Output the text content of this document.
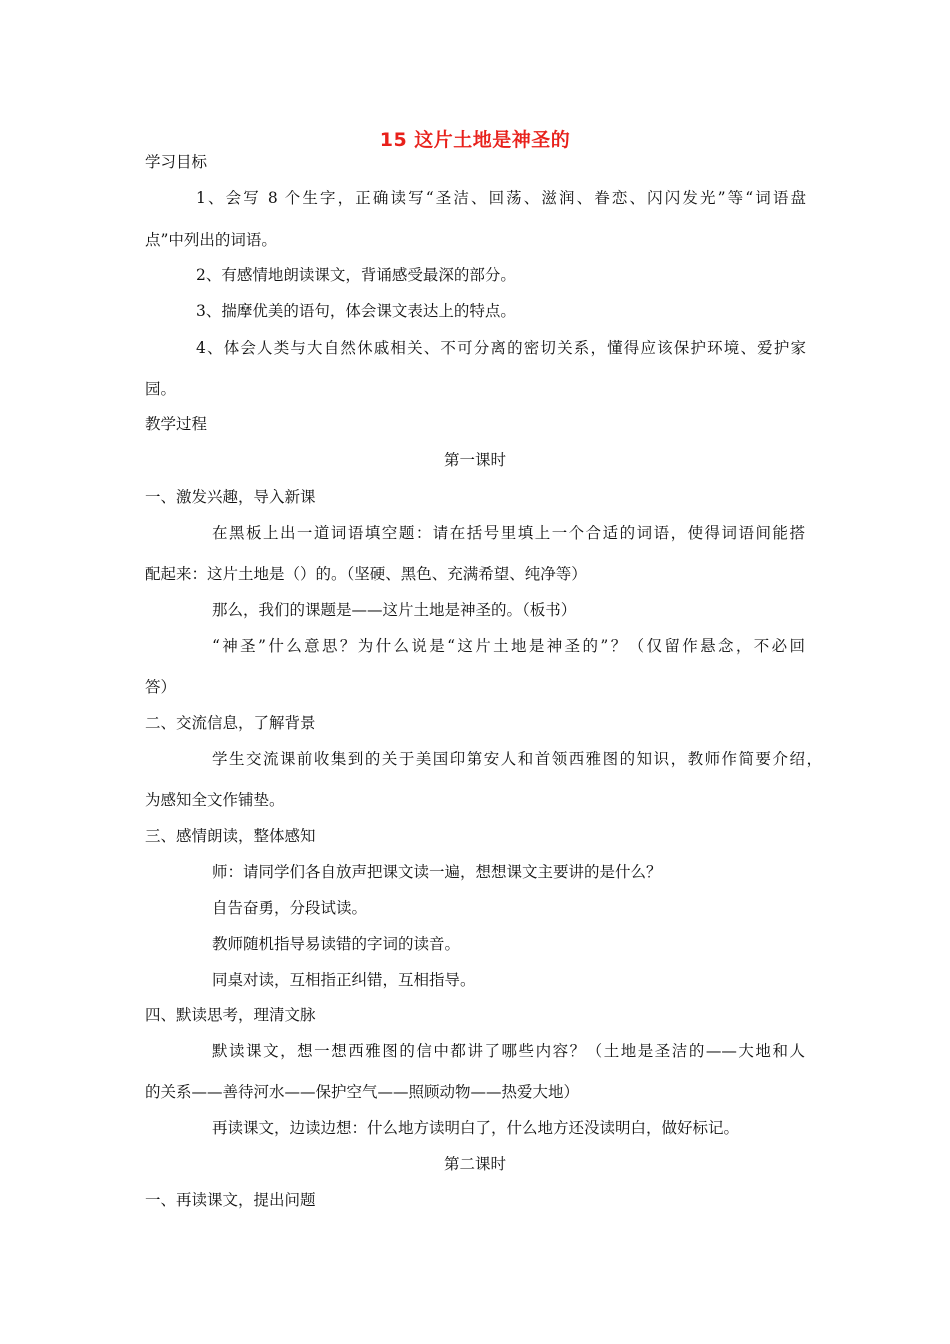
15 这片土地是神圣的
学习目标
1、会写 8 个生字，正确读写“圣洁、回荡、滋润、眷恋、闪闪发光”等“词语盘
点”中列出的词语。
2、有感情地朗读课文，背诵感受最深的部分。
3、揣摩优美的语句，体会课文表达上的特点。
4、体会人类与大自然休戚相关、不可分离的密切关系，懂得应该保护环境、爱护家
园。
教学过程
第一课时
一、激发兴趣，导入新课
在黑板上出一道词语填空题：请在括号里填上一个合适的词语，使得词语间能搭
配起来：这片土地是（）的。（坚硬、黑色、充满希望、纯净等）
那么，我们的课题是——这片土地是神圣的。（板书）
“神圣”什么意思？为什么说是“这片土地是神圣的”？（仅留作悬念，不必回
答）
二、交流信息，了解背景
学生交流课前收集到的关于美国印第安人和首领西雅图的知识，教师作简要介绍，
为感知全文作铺垫。
三、感情朗读，整体感知
师：请同学们各自放声把课文读一遍，想想课文主要讲的是什么？
自告奋勇，分段试读。
教师随机指导易读错的字词的读音。
同桌对读，互相指正纠错，互相指导。
四、默读思考，理清文脉
默读课文，想一想西雅图的信中都讲了哪些内容？（土地是圣洁的——大地和人
的关系——善待河水——保护空气——照顾动物——热爱大地）
再读课文，边读边想：什么地方读明白了，什么地方还没读明白，做好标记。
第二课时
一、再读课文，提出问题
